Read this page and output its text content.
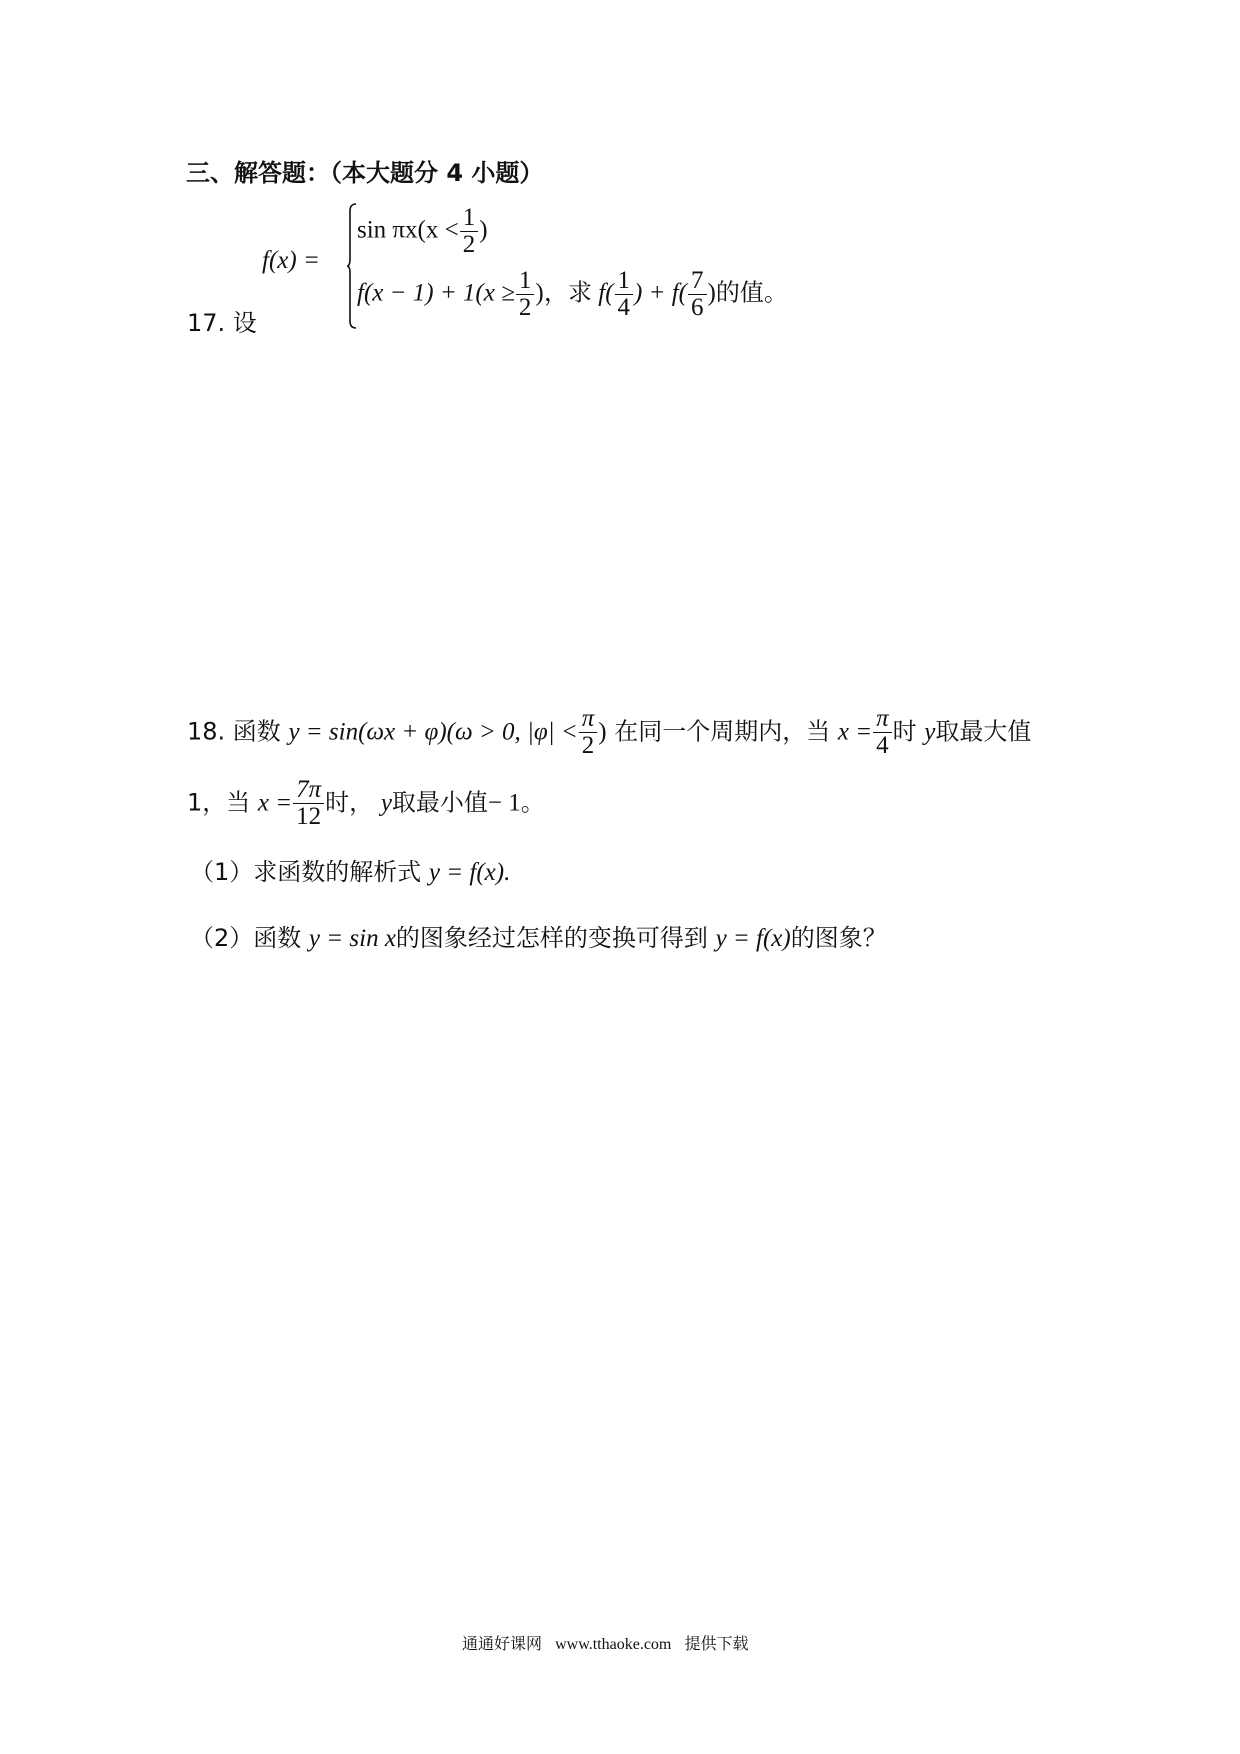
三、解答题：（本大题分 4 小题）
17. 设
f(x) =
$\sin \pi x(x < \frac{1}{2}$ )
$f(x - 1) + 1(x \ge \frac{1}{2}$ ) ，求 $f( \frac{1}{4}$ ) + $f( \frac{7}{6}$ )的值。
18. 函数 y = sin(ωx + φ)(ω > 0, $|\varphi| < \frac{\pi}{2}$ ) 在同一个周期内，当 $x = \frac{\pi}{4}$ 时 y取最大值
1，当 $x = \frac{7\pi}{12}$ 时， y取最小值− 1。
（1）求函数的解析式 y = f(x).
（2）函数 y = sin x的图象经过怎样的变换可得到 y = f(x)的图象？
通通好课网 www.tthaoke.com 提供下载
